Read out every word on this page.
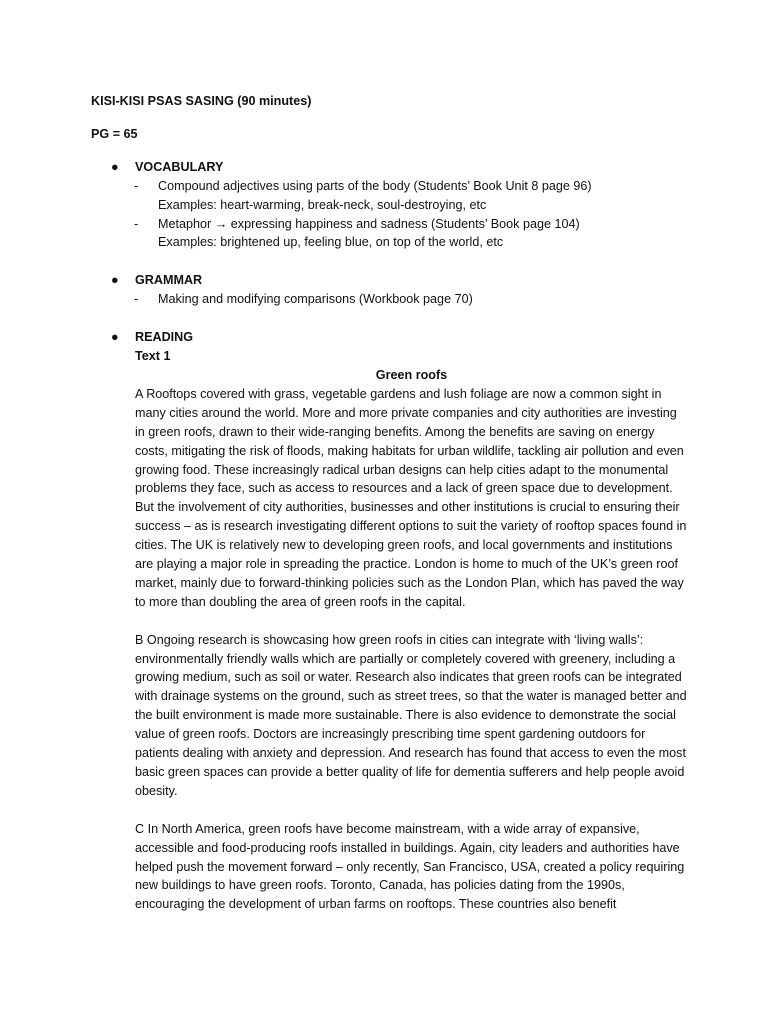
KISI-KISI PSAS SASING (90 minutes)
PG = 65
● VOCABULARY
- Compound adjectives using parts of the body (Students’ Book Unit 8 page 96)
Examples: heart-warming, break-neck, soul-destroying, etc
- Metaphor → expressing happiness and sadness (Students’ Book page 104)
Examples: brightened up, feeling blue, on top of the world, etc
● GRAMMAR
- Making and modifying comparisons (Workbook page 70)
● READING
Text 1
Green roofs

A Rooftops covered with grass, vegetable gardens and lush foliage are now a common sight in many cities around the world. More and more private companies and city authorities are investing in green roofs, drawn to their wide-ranging benefits. Among the benefits are saving on energy costs, mitigating the risk of floods, making habitats for urban wildlife, tackling air pollution and even growing food. These increasingly radical urban designs can help cities adapt to the monumental problems they face, such as access to resources and a lack of green space due to development. But the involvement of city authorities, businesses and other institutions is crucial to ensuring their success – as is research investigating different options to suit the variety of rooftop spaces found in cities. The UK is relatively new to developing green roofs, and local governments and institutions are playing a major role in spreading the practice. London is home to much of the UK’s green roof market, mainly due to forward-thinking policies such as the London Plan, which has paved the way to more than doubling the area of green roofs in the capital.

B Ongoing research is showcasing how green roofs in cities can integrate with ‘living walls’: environmentally friendly walls which are partially or completely covered with greenery, including a growing medium, such as soil or water. Research also indicates that green roofs can be integrated with drainage systems on the ground, such as street trees, so that the water is managed better and the built environment is made more sustainable. There is also evidence to demonstrate the social value of green roofs. Doctors are increasingly prescribing time spent gardening outdoors for patients dealing with anxiety and depression. And research has found that access to even the most basic green spaces can provide a better quality of life for dementia sufferers and help people avoid obesity.

C In North America, green roofs have become mainstream, with a wide array of expansive, accessible and food-producing roofs installed in buildings. Again, city leaders and authorities have helped push the movement forward – only recently, San Francisco, USA, created a policy requiring new buildings to have green roofs. Toronto, Canada, has policies dating from the 1990s, encouraging the development of urban farms on rooftops. These countries also benefit
